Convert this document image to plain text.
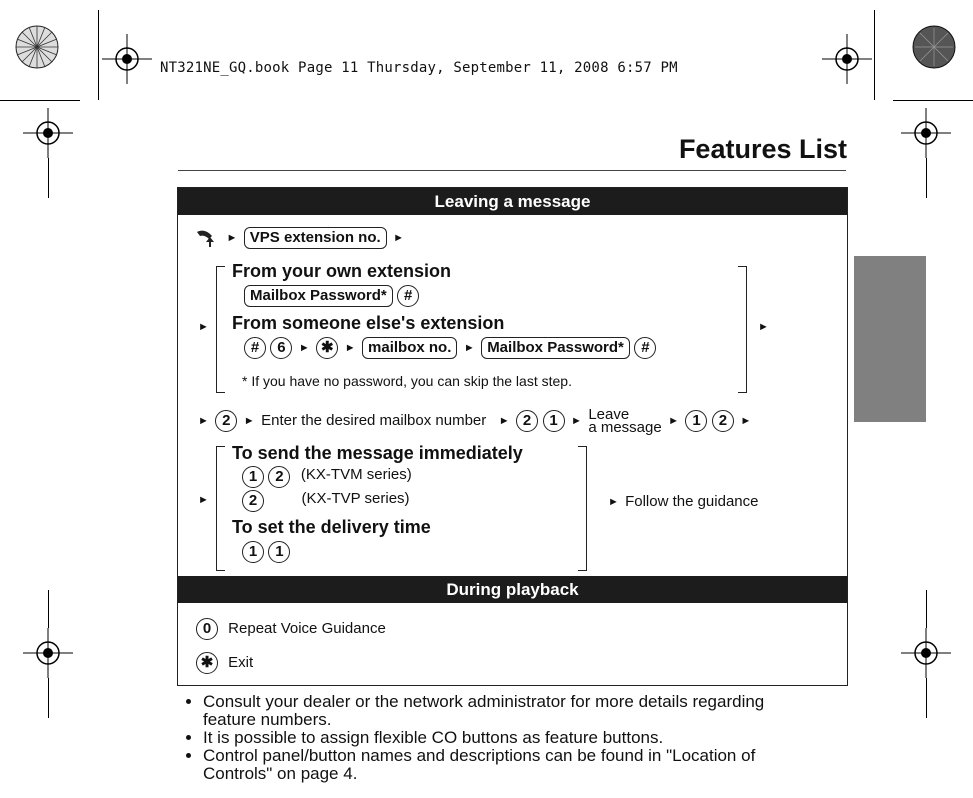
NT321NE_GQ.book Page 11 Thursday, September 11, 2008 6:57 PM
Features List
Leaving a message
► VPS extension no. ►
►	►
From your own extension
Mailbox Password* #
From someone else's extension
# 6 ► ✱ ► mailbox no. ► Mailbox Password* #
* If you have no password, you can skip the last step.
► 2 ► Enter the desired mailbox number ► 2 1 ► Leave
a message ► 1 2 ►
►
To send the message immediately
1 2 (KX-TVM series)
2	(KX-TVP series)
To set the delivery time
1 1
► Follow the guidance
During playback
0 Repeat Voice Guidance
✱ Exit
• Consult your dealer or the network administrator for more details regarding feature numbers.
• It is possible to assign flexible CO buttons as feature buttons.
• Control panel/button names and descriptions can be found in "Location of Controls" on page 4.
